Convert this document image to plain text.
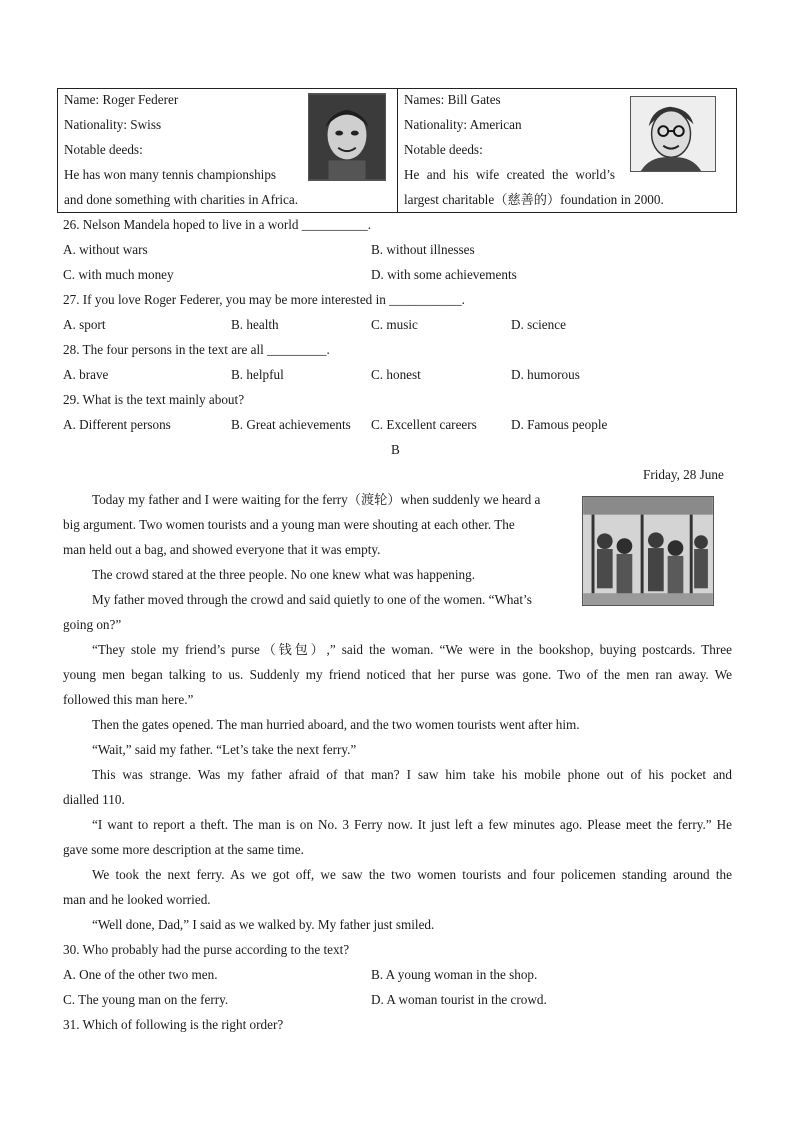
Name: Roger Federer
Nationality: Swiss
Notable deeds:
He has won many tennis championships
and done something with charities in Africa.
Names: Bill Gates
Nationality: American
Notable deeds:
He and his wife created the world’s
largest charitable（慈善的）foundation in 2000.
26. Nelson Mandela hoped to live in a world __________.
A. without wars	B. without illnesses
C. with much money	D. with some achievements
27. If you love Roger Federer, you may be more interested in ___________.
A. sport	B. health	C. music	D. science
28. The four persons in the text are all _________.
A. brave	B. helpful	C. honest	D. humorous
29. What is the text mainly about?
A. Different persons	B. Great achievements C. Excellent careers	D. Famous people
B
Friday, 28 June
Today my father and I were waiting for the ferry（渡轮）when suddenly we heard a
big argument. Two women tourists and a young man were shouting at each other. The
man held out a bag, and showed everyone that it was empty.
The crowd stared at the three people. No one knew what was happening.
My father moved through the crowd and said quietly to one of the women. “What’s
going on?”
“They stole my friend’s purse（钱包）,” said the woman. “We were in the bookshop, buying postcards. Three
young men began talking to us. Suddenly my friend noticed that her purse was gone. Two of the men ran away. We
followed this man here.”
Then the gates opened. The man hurried aboard, and the two women tourists went after him.
“Wait,” said my father. “Let’s take the next ferry.”
This was strange. Was my father afraid of that man? I saw him take his mobile phone out of his pocket and
dialled 110.
“I want to report a theft. The man is on No. 3 Ferry now. It just left a few minutes ago. Please meet the ferry.” He
gave some more description at the same time.
We took the next ferry. As we got off, we saw the two women tourists and four policemen standing around the
man and he looked worried.
“Well done, Dad,” I said as we walked by. My father just smiled.
30. Who probably had the purse according to the text?
A. One of the other two men.	B. A young woman in the shop.
C. The young man on the ferry.	D. A woman tourist in the crowd.
31. Which of following is the right order?
